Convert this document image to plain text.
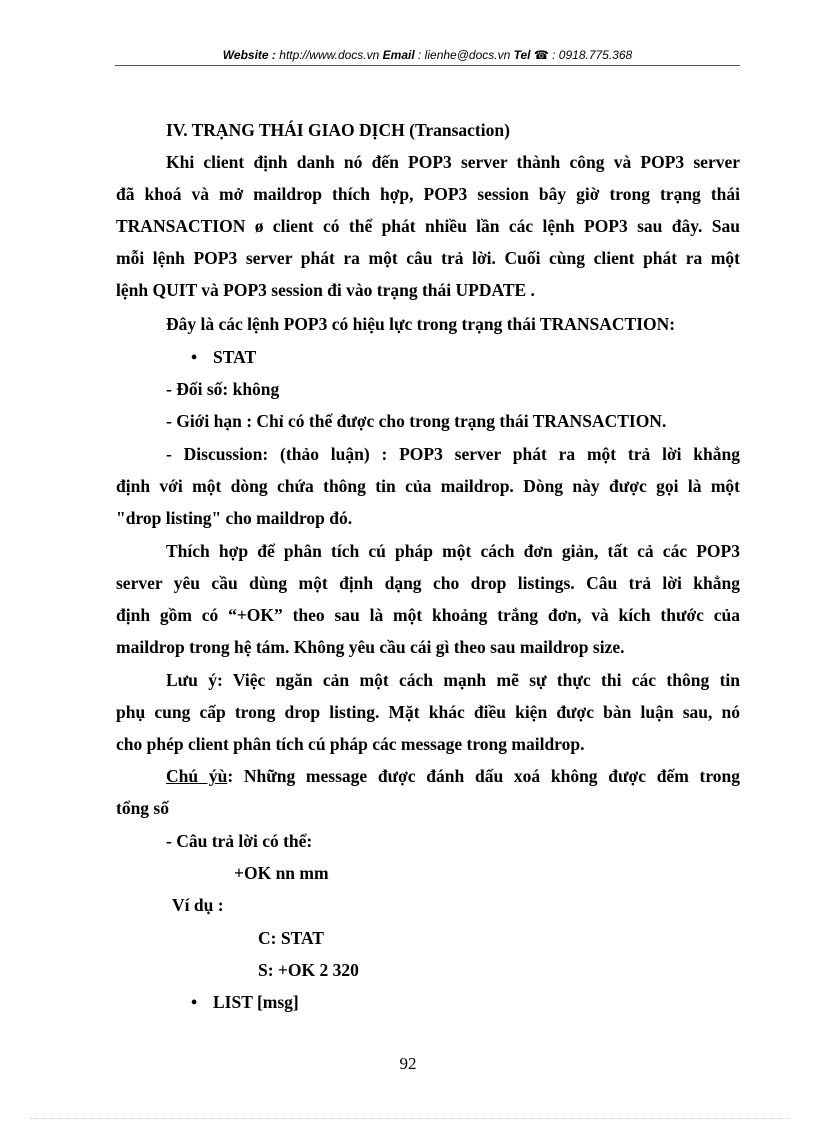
Website : http://www.docs.vn Email : lienhe@docs.vn Tel ☎ : 0918.775.368
IV. TRẠNG THÁI GIAO DỊCH (Transaction)
Khi client định danh nó đến POP3 server thành công và POP3 server
đã khoá và mở maildrop thích hợp, POP3 session bây giờ trong trạng thái
TRANSACTION ø client có thể phát nhiều lần các lệnh POP3 sau đây. Sau
mỗi lệnh POP3 server phát ra một câu trả lời. Cuối cùng client phát ra một
lệnh QUIT và POP3 session đi vào trạng thái UPDATE .
Đây là các lệnh POP3 có hiệu lực trong trạng thái TRANSACTION:
• STAT
- Đối số: không
- Giới hạn : Chỉ có thể được cho trong trạng thái TRANSACTION.
- Discussion: (thảo luận) : POP3 server phát ra một trả lời khẳng
định với một dòng chứa thông tin của maildrop. Dòng này được gọi là một
"drop listing" cho maildrop đó.
Thích hợp để phân tích cú pháp một cách đơn giản, tất cả các POP3
server yêu cầu dùng một định dạng cho drop listings. Câu trả lời khẳng
định gồm có “+OK” theo sau là một khoảng trắng đơn, và kích thước của
maildrop trong hệ tám. Không yêu cầu cái gì theo sau maildrop size.
Lưu ý: Việc ngăn cản một cách mạnh mẽ sự thực thi các thông tin
phụ cung cấp trong drop listing. Mặt khác điều kiện được bàn luận sau, nó
cho phép client phân tích cú pháp các message trong maildrop.
Chú ýù: Những message được đánh dấu xoá không được đếm trong
tổng số
- Câu trả lời có thể:
+OK nn mm
Ví dụ :
C: STAT
S: +OK 2 320
• LIST [msg]
92
